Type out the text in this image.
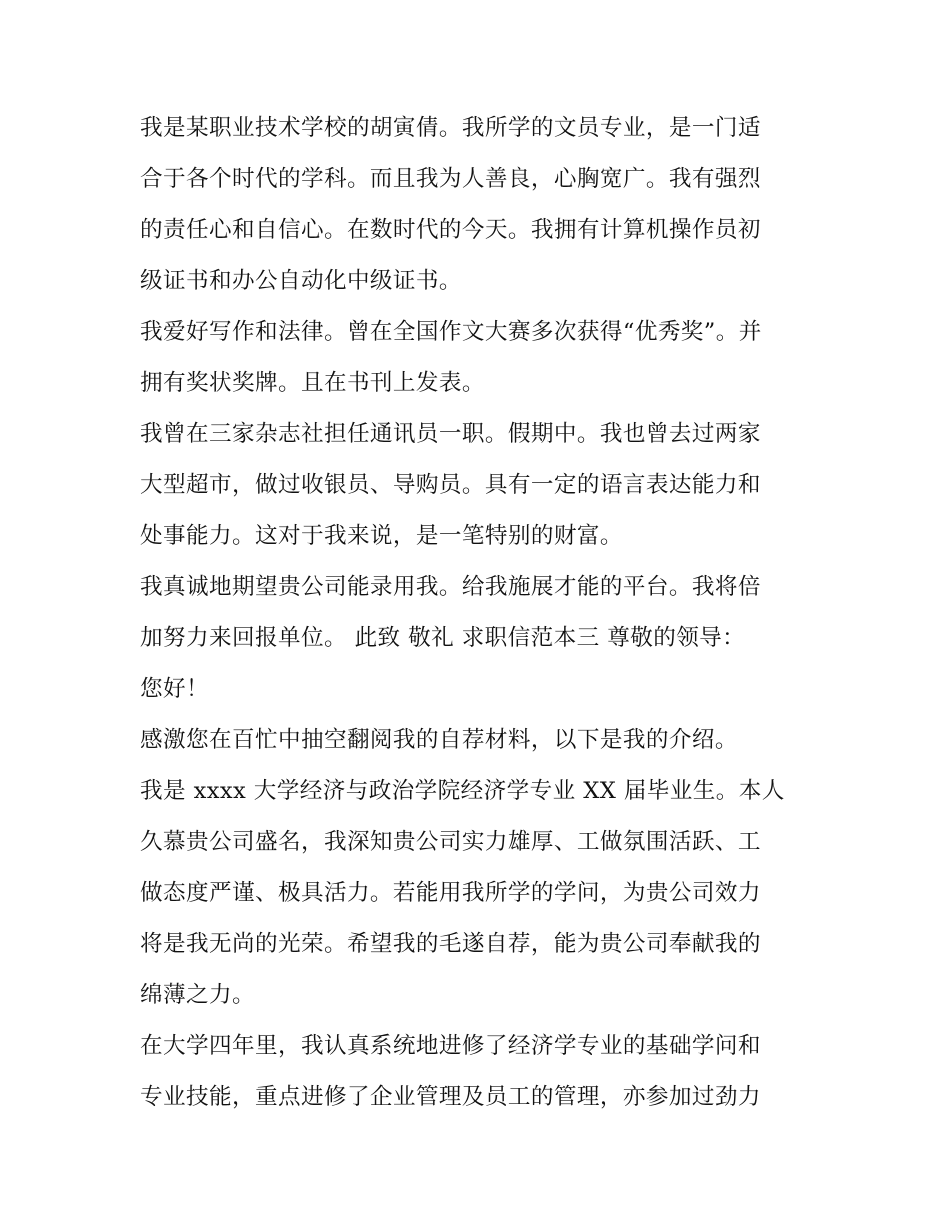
我是某职业技术学校的胡寅倩。我所学的文员专业，是一门适
合于各个时代的学科。而且我为人善良，心胸宽广。我有强烈
的责任心和自信心。在数时代的今天。我拥有计算机操作员初
级证书和办公自动化中级证书。
我爱好写作和法律。曾在全国作文大赛多次获得“优秀奖”。并
拥有奖状奖牌。且在书刊上发表。
我曾在三家杂志社担任通讯员一职。假期中。我也曾去过两家
大型超市，做过收银员、导购员。具有一定的语言表达能力和
处事能力。这对于我来说，是一笔特别的财富。
我真诚地期望贵公司能录用我。给我施展才能的平台。我将倍
加努力来回报单位。 此致 敬礼 求职信范本三 尊敬的领导：
您好！
感激您在百忙中抽空翻阅我的自荐材料，以下是我的介绍。
我是 xxxx 大学经济与政治学院经济学专业 XX 届毕业生。本人
久慕贵公司盛名，我深知贵公司实力雄厚、工做氛围活跃、工
做态度严谨、极具活力。若能用我所学的学问，为贵公司效力
将是我无尚的光荣。希望我的毛遂自荐，能为贵公司奉献我的
绵薄之力。
在大学四年里，我认真系统地进修了经济学专业的基础学问和
专业技能，重点进修了企业管理及员工的管理，亦参加过劲力
